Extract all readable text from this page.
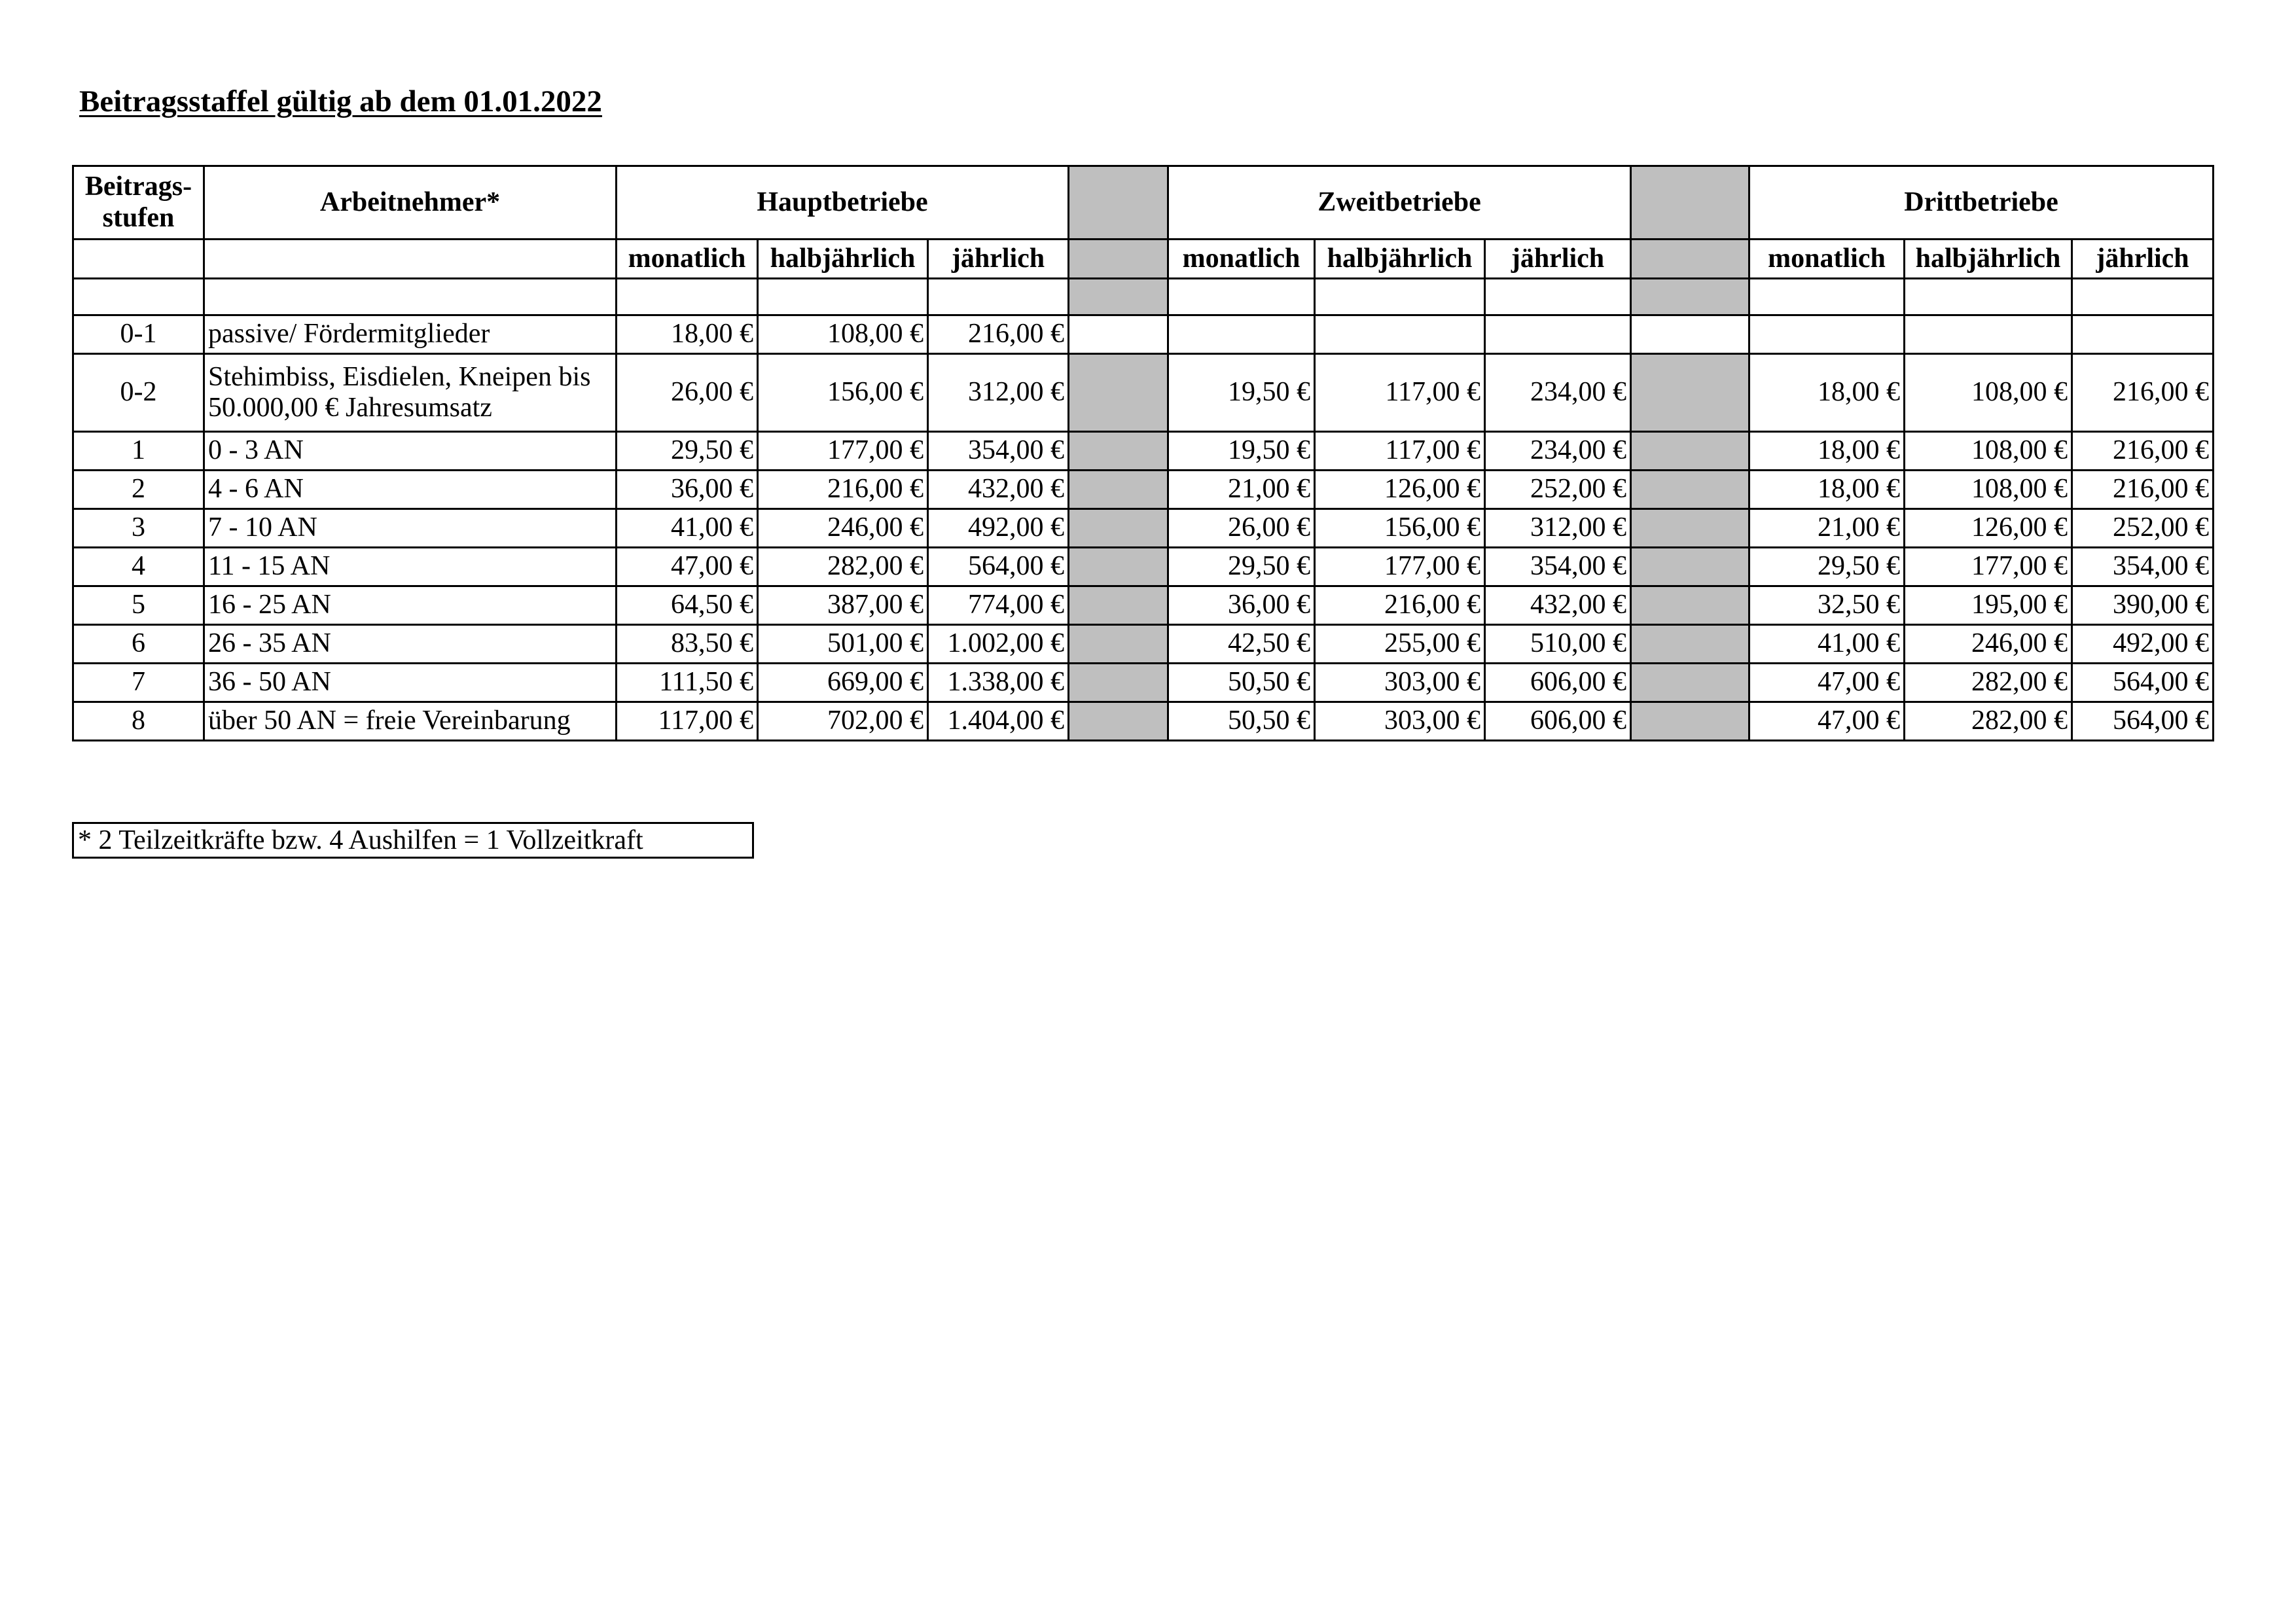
Beitragsstaffel gültig ab dem 01.01.2022
Beitrags-stufen	Arbeitnehmer*	Hauptbetriebe				Zweitbetriebe				Drittbetriebe		
		monatlich	halbjährlich	jährlich		monatlich	halbjährlich	jährlich		monatlich	halbjährlich	jährlich

0-1	passive/ Fördermitglieder	18,00 €	108,00 €	216,00 €								
0-2	Stehimbiss, Eisdielen, Kneipen bis 50.000,00 € Jahresumsatz	26,00 €	156,00 €	312,00 €		19,50 €	117,00 €	234,00 €		18,00 €	108,00 €	216,00 €
1	0 - 3 AN	29,50 €	177,00 €	354,00 €		19,50 €	117,00 €	234,00 €		18,00 €	108,00 €	216,00 €
2	4 - 6 AN	36,00 €	216,00 €	432,00 €		21,00 €	126,00 €	252,00 €		18,00 €	108,00 €	216,00 €
3	7 - 10 AN	41,00 €	246,00 €	492,00 €		26,00 €	156,00 €	312,00 €		21,00 €	126,00 €	252,00 €
4	11 - 15 AN	47,00 €	282,00 €	564,00 €		29,50 €	177,00 €	354,00 €		29,50 €	177,00 €	354,00 €
5	16 - 25 AN	64,50 €	387,00 €	774,00 €		36,00 €	216,00 €	432,00 €		32,50 €	195,00 €	390,00 €
6	26 - 35 AN	83,50 €	501,00 €	1.002,00 €		42,50 €	255,00 €	510,00 €		41,00 €	246,00 €	492,00 €
7	36 - 50 AN	111,50 €	669,00 €	1.338,00 €		50,50 €	303,00 €	606,00 €		47,00 €	282,00 €	564,00 €
8	über 50 AN = freie Vereinbarung	117,00 €	702,00 €	1.404,00 €		50,50 €	303,00 €	606,00 €		47,00 €	282,00 €	564,00 €
* 2 Teilzeitkräfte bzw. 4 Aushilfen = 1 Vollzeitkraft
